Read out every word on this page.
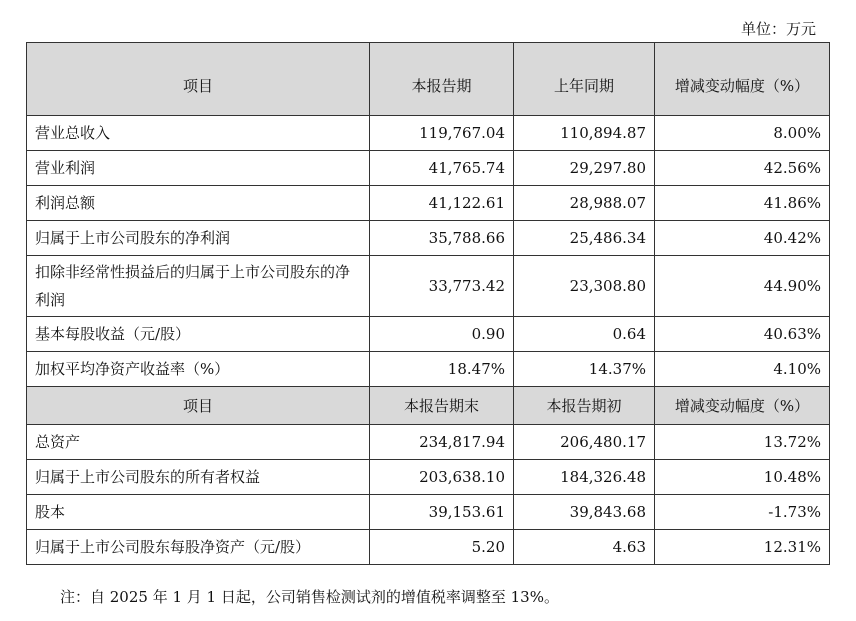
单位：万元
项目	本报告期	上年同期	增减变动幅度（%）
营业总收入	119,767.04	110,894.87	8.00%
营业利润	41,765.74	29,297.80	42.56%
利润总额	41,122.61	28,988.07	41.86%
归属于上市公司股东的净利润	35,788.66	25,486.34	40.42%
扣除非经常性损益后的归属于上市公司股东的净利润	33,773.42	23,308.80	44.90%
基本每股收益（元/股）	0.90	0.64	40.63%
加权平均净资产收益率（%）	18.47%	14.37%	4.10%
项目	本报告期末	本报告期初	增减变动幅度（%）
总资产	234,817.94	206,480.17	13.72%
归属于上市公司股东的所有者权益	203,638.10	184,326.48	10.48%
股本	39,153.61	39,843.68	-1.73%
归属于上市公司股东每股净资产（元/股）	5.20	4.63	12.31%
注：自 2025 年 1 月 1 日起，公司销售检测试剂的增值税率调整至 13%。
